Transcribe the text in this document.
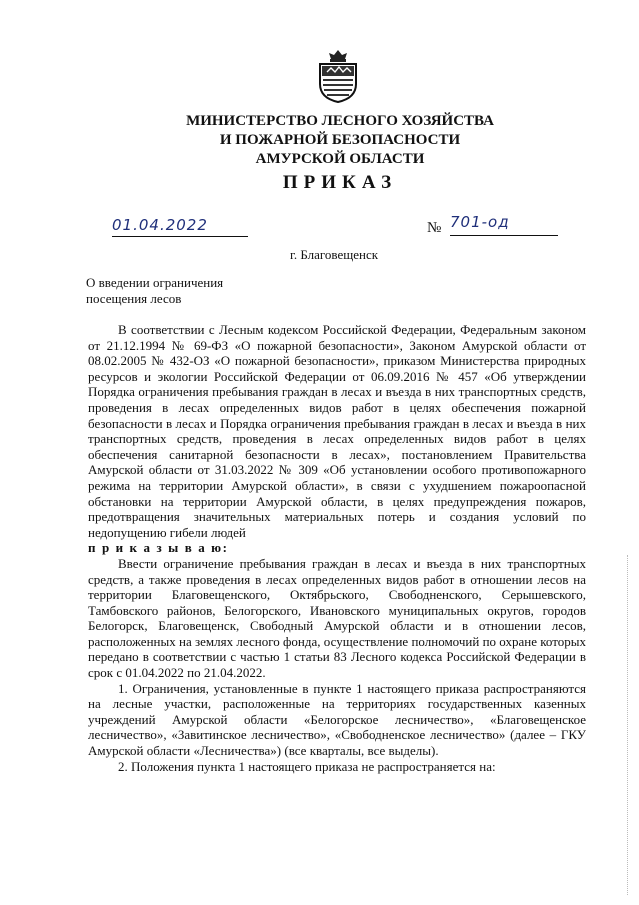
МИНИСТЕРСТВО ЛЕСНОГО ХОЗЯЙСТВА
И ПОЖАРНОЙ БЕЗОПАСНОСТИ
АМУРСКОЙ ОБЛАСТИ
ПРИКАЗ
01.04.2022	№ 701-од
г. Благовещенск
О введении ограничения
посещения лесов

В соответствии с Лесным кодексом Российской Федерации, Федеральным законом от 21.12.1994 № 69-ФЗ «О пожарной безопасности», Законом Амурской области от 08.02.2005 № 432-ОЗ «О пожарной безопасности», приказом Министерства природных ресурсов и экологии Российской Федерации от 06.09.2016 № 457 «Об утверждении Порядка ограничения пребывания граждан в лесах и въезда в них транспортных средств, проведения в лесах определенных видов работ в целях обеспечения пожарной безопасности в лесах и Порядка ограничения пребывания граждан в лесах и въезда в них транспортных средств, проведения в лесах определенных видов работ в целях обеспечения санитарной безопасности в лесах», постановлением Правительства Амурской области от 31.03.2022 № 309 «Об установлении особого противопожарного режима на территории Амурской области», в связи с ухудшением пожароопасной обстановки на территории Амурской области, в целях предупреждения пожаров, предотвращения значительных материальных потерь и создания условий по недопущению гибели людей

п р и к а з ы в а ю:

Ввести ограничение пребывания граждан в лесах и въезда в них транспортных средств, а также проведения в лесах определенных видов работ в отношении лесов на территории Благовещенского, Октябрьского, Свободненского, Серышевского, Тамбовского районов, Белогорского, Ивановского муниципальных округов, городов Белогорск, Благовещенск, Свободный Амурской области и в отношении лесов, расположенных на землях лесного фонда, осуществление полномочий по охране которых передано в соответствии с частью 1 статьи 83 Лесного кодекса Российской Федерации в срок с 01.04.2022 по 21.04.2022.

1. Ограничения, установленные в пункте 1 настоящего приказа распространяются на лесные участки, расположенные на территориях государственных казенных учреждений Амурской области «Белогорское лесничество», «Благовещенское лесничество», «Завитинское лесничество», «Свободненское лесничество» (далее – ГКУ Амурской области «Лесничества») (все кварталы, все выделы).

2. Положения пункта 1 настоящего приказа не распространяется на:
